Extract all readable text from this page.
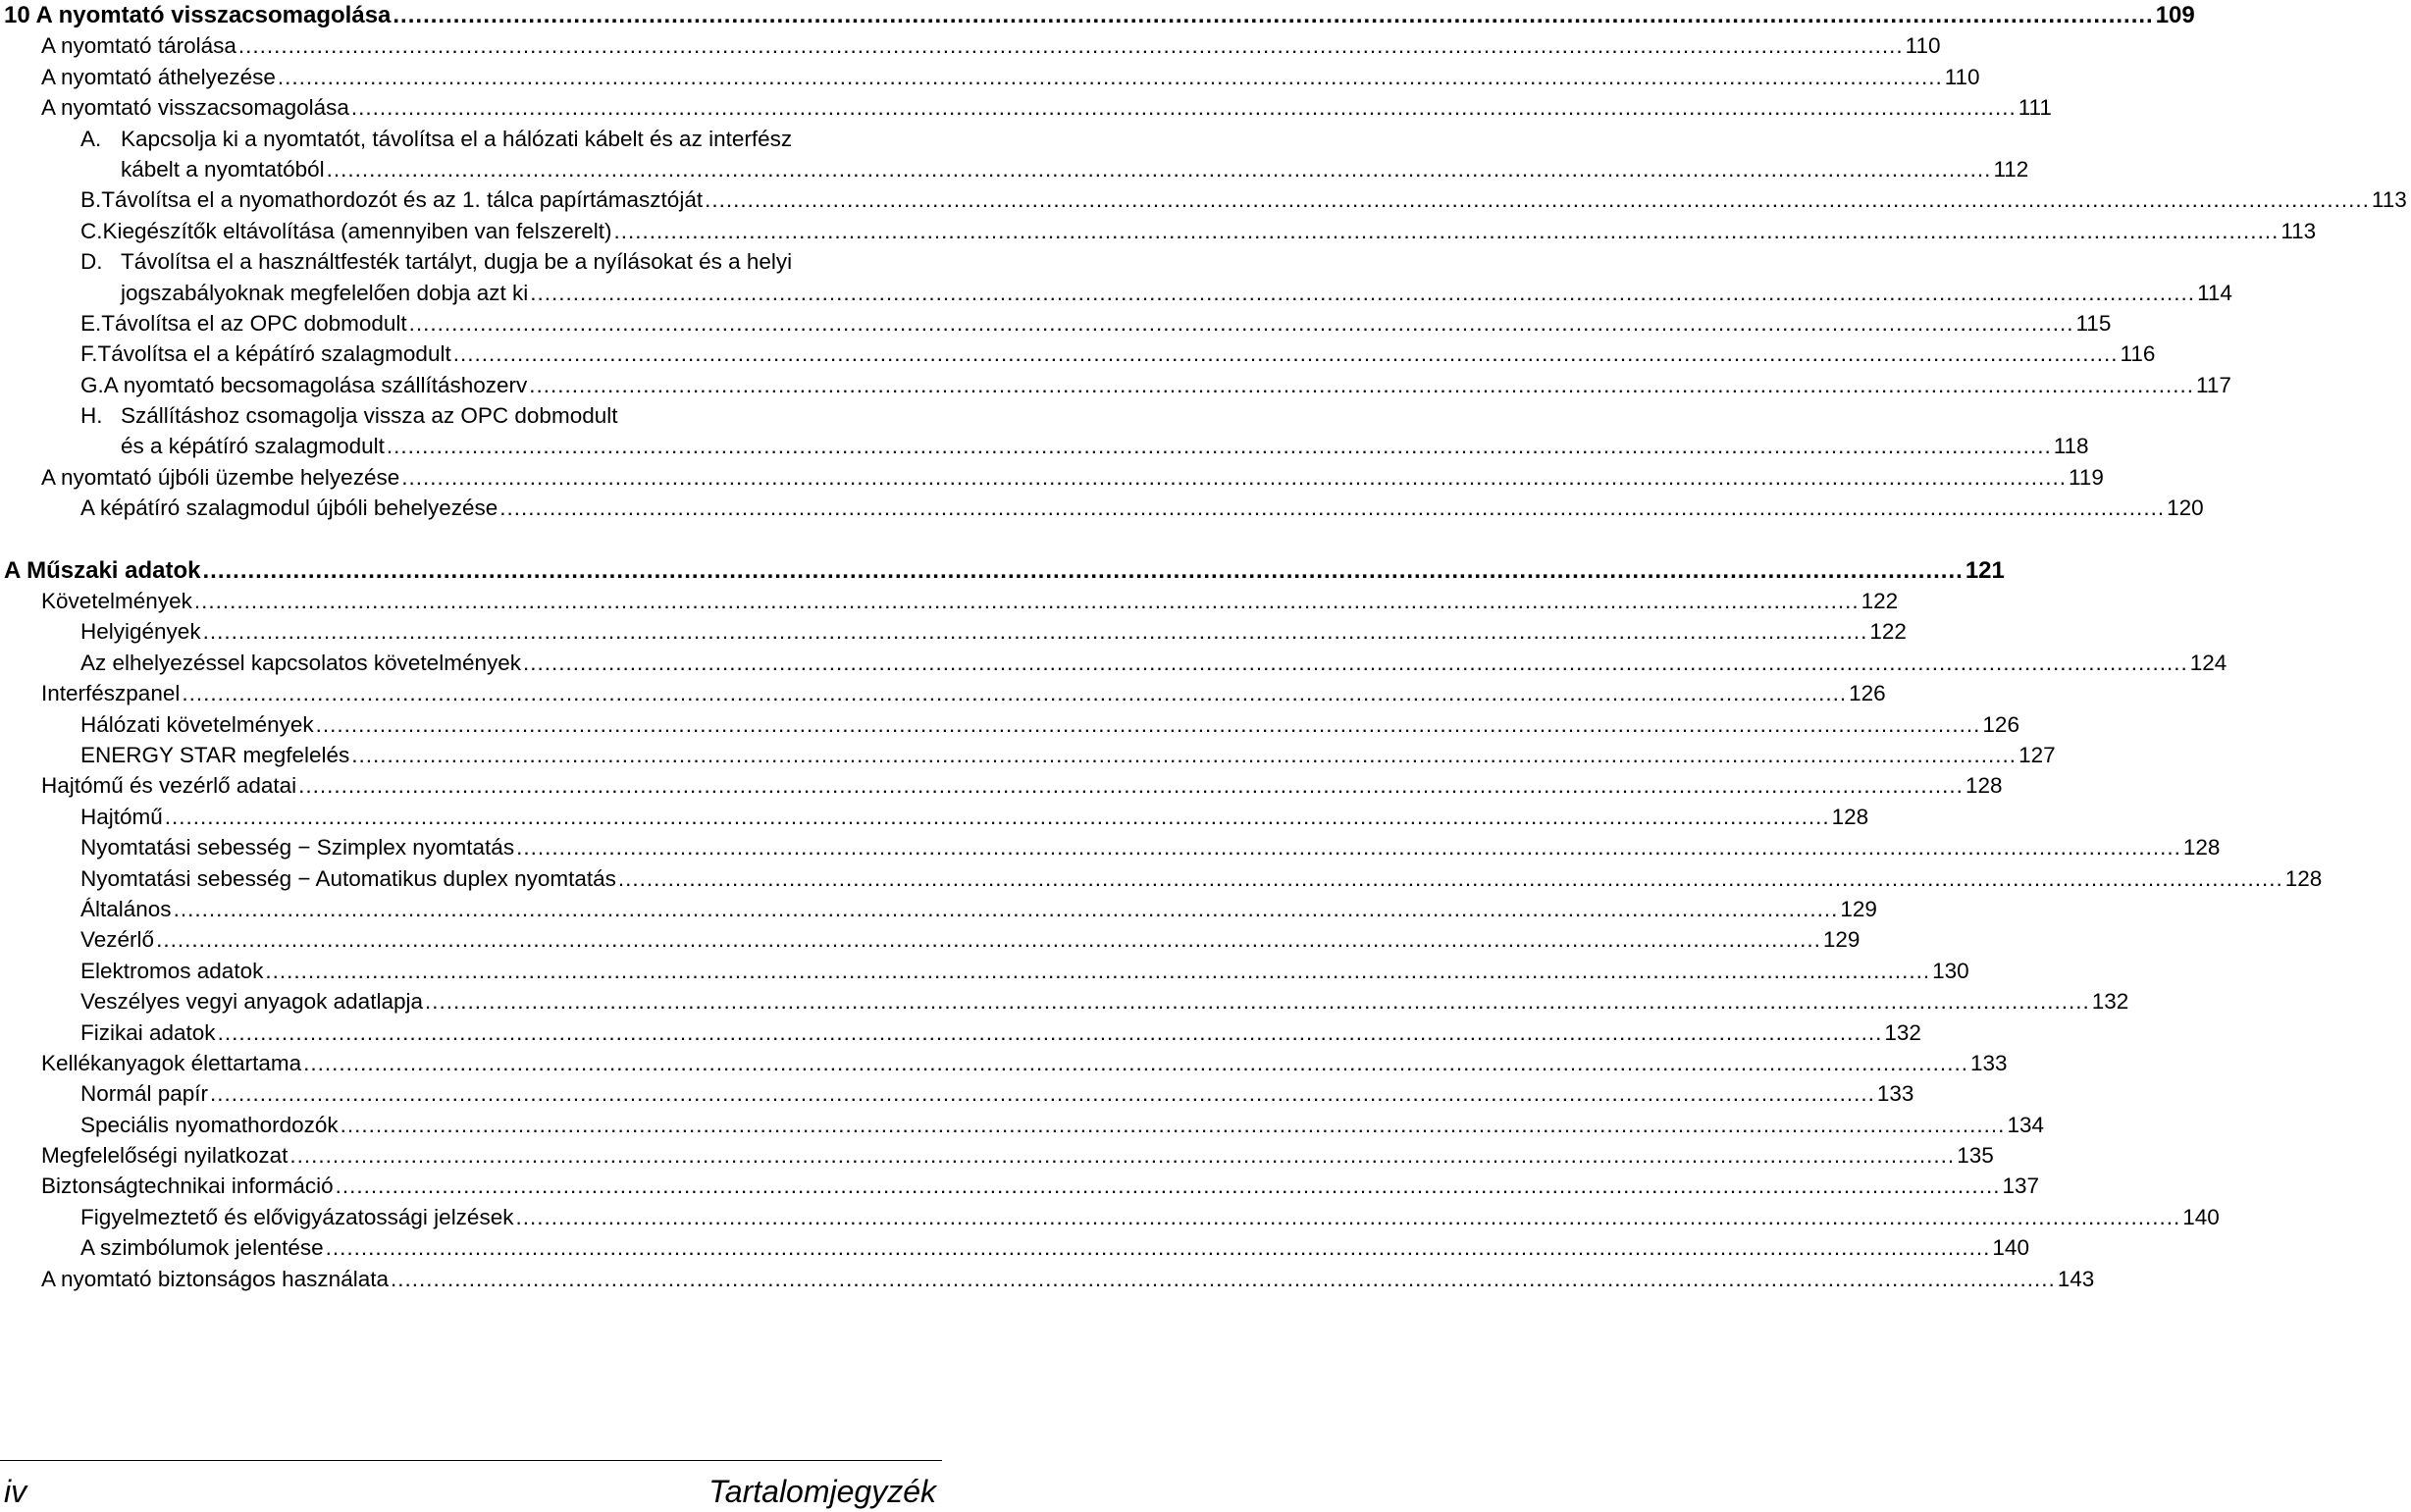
10 A nyomtató visszacsomagolása .....	109
A nyomtató tárolása .....	110
A nyomtató áthelyezése .....	110
A nyomtató visszacsomagolása .....	111
A. Kapcsolja ki a nyomtatót, távolítsa el a hálózati kábelt és az interfész
kábelt a nyomtatóból .....	112
B. Távolítsa el a nyomathordozót és az 1. tálca papírtámasztóját .....	113
C. Kiegészítők eltávolítása (amennyiben van felszerelt) .....	113
D. Távolítsa el a használtfesték tartályt, dugja be a nyílásokat és a helyi
jogszabályoknak megfelelően dobja azt ki .....	114
E. Távolítsa el az OPC dobmodult .....	115
F. Távolítsa el a képátíró szalagmodult .....	116
G. A nyomtató becsomagolása szállításhozerv .....	117
H. Szállításhoz csomagolja vissza az OPC dobmodult
és a képátíró szalagmodult .....	118
A nyomtató újbóli üzembe helyezése .....	119
A képátíró szalagmodul újbóli behelyezése .....	120
A Műszaki adatok .....	121
Követelmények .....	122
Helyigények .....	122
Az elhelyezéssel kapcsolatos követelmények .....	124
Interfészpanel .....	126
Hálózati követelmények .....	126
ENERGY STAR megfelelés .....	127
Hajtómű és vezérlő adatai .....	128
Hajtómű .....	128
Nyomtatási sebesség − Szimplex nyomtatás .....	128
Nyomtatási sebesség − Automatikus duplex nyomtatás .....	128
Általános .....	129
Vezérlő .....	129
Elektromos adatok .....	130
Veszélyes vegyi anyagok adatlapja .....	132
Fizikai adatok .....	132
Kellékanyagok élettartama .....	133
Normál papír .....	133
Speciális nyomathordozók .....	134
Megfelelőségi nyilatkozat .....	135
Biztonságtechnikai információ .....	137
Figyelmeztető és elővigyázatossági jelzések .....	140
A szimbólumok jelentése .....	140
A nyomtató biztonságos használata .....	143
iv	Tartalomjegyzék
